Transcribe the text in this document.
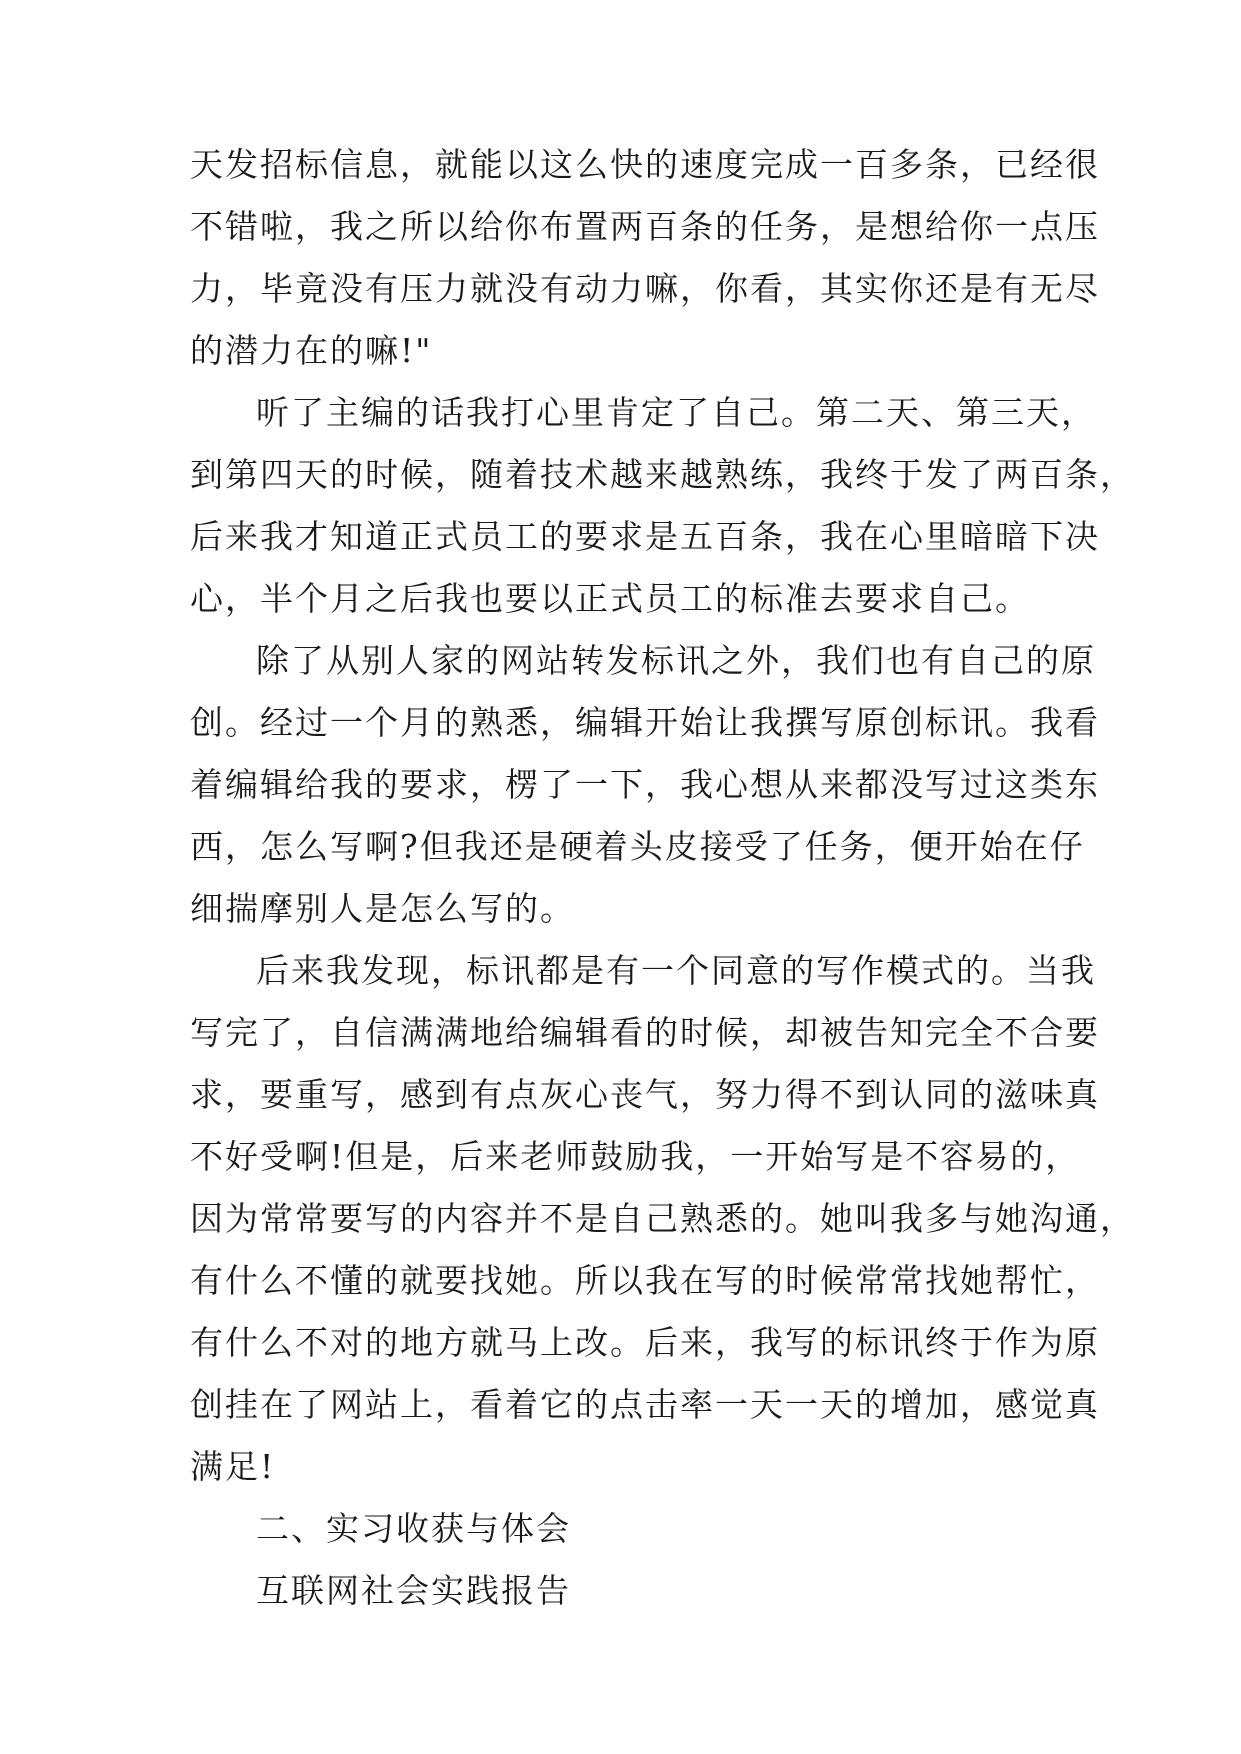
天发招标信息，就能以这么快的速度完成一百多条，已经很
不错啦，我之所以给你布置两百条的任务，是想给你一点压
力，毕竟没有压力就没有动力嘛，你看，其实你还是有无尽
的潜力在的嘛!"
听了主编的话我打心里肯定了自己。第二天、第三天，
到第四天的时候，随着技术越来越熟练，我终于发了两百条，
后来我才知道正式员工的要求是五百条，我在心里暗暗下决
心，半个月之后我也要以正式员工的标准去要求自己。
除了从别人家的网站转发标讯之外，我们也有自己的原
创。经过一个月的熟悉，编辑开始让我撰写原创标讯。我看
着编辑给我的要求，楞了一下，我心想从来都没写过这类东
西，怎么写啊?但我还是硬着头皮接受了任务，便开始在仔
细揣摩别人是怎么写的。
后来我发现，标讯都是有一个同意的写作模式的。当我
写完了，自信满满地给编辑看的时候，却被告知完全不合要
求，要重写，感到有点灰心丧气，努力得不到认同的滋味真
不好受啊!但是，后来老师鼓励我，一开始写是不容易的，
因为常常要写的内容并不是自己熟悉的。她叫我多与她沟通，
有什么不懂的就要找她。所以我在写的时候常常找她帮忙，
有什么不对的地方就马上改。后来，我写的标讯终于作为原
创挂在了网站上，看着它的点击率一天一天的增加，感觉真
满足!
二、实习收获与体会
互联网社会实践报告
